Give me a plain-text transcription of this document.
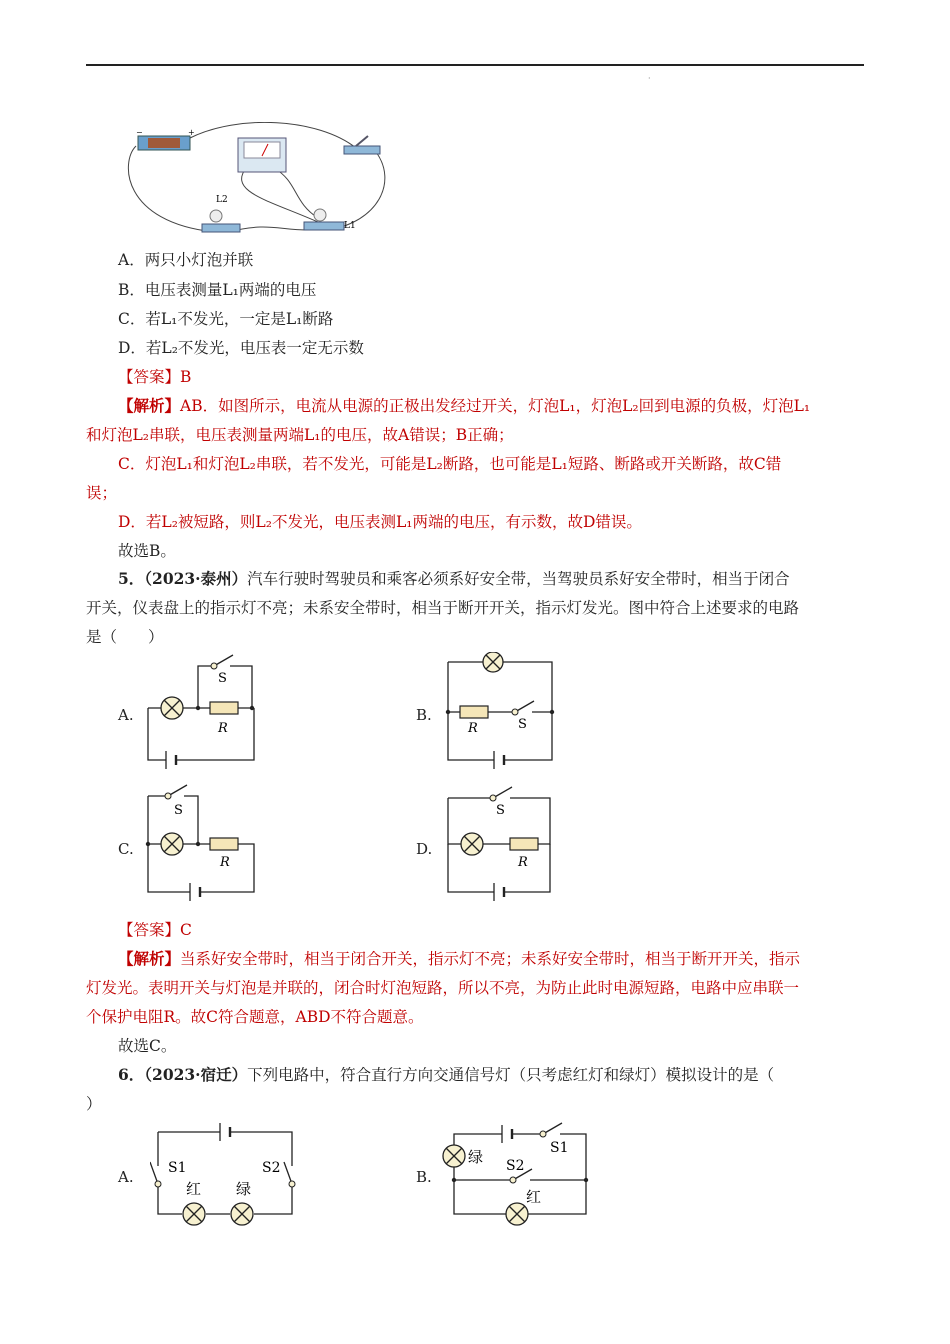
·
−	+
L2
L1
A．两只小灯泡并联
B．电压表测量L₁两端的电压
C．若L₁不发光，一定是L₁断路
D．若L₂不发光，电压表一定无示数
【答案】B
【解析】AB．如图所示，电流从电源的正极出发经过开关，灯泡L₁，灯泡L₂回到电源的负极，灯泡L₁
和灯泡L₂串联，电压表测量两端L₁的电压，故A错误；B正确；
C．灯泡L₁和灯泡L₂串联，若不发光，可能是L₂断路，也可能是L₁短路、断路或开关断路，故C错
误；
D．若L₂被短路，则L₂不发光，电压表测L₁两端的电压，有示数，故D错误。
故选B。
5．（2023·泰州）汽车行驶时驾驶员和乘客必须系好安全带，当驾驶员系好安全带时，相当于闭合
开关，仪表盘上的指示灯不亮；未系安全带时，相当于断开开关，指示灯发光。图中符合上述要求的电路
是（　　）
A.
S
R
B.
S
R
C.
S
R
D.
S
R
【答案】C
【解析】当系好安全带时，相当于闭合开关，指示灯不亮；未系好安全带时，相当于断开开关，指示
灯发光。表明开关与灯泡是并联的，闭合时灯泡短路，所以不亮，为防止此时电源短路，电路中应串联一
个保护电阻R。故C符合题意，ABD不符合题意。
故选C。
6．（2023·宿迁）下列电路中，符合直行方向交通信号灯（只考虑红灯和绿灯）模拟设计的是（
）
A. S1	S2
红 绿
B.
绿	S1
S2
红
